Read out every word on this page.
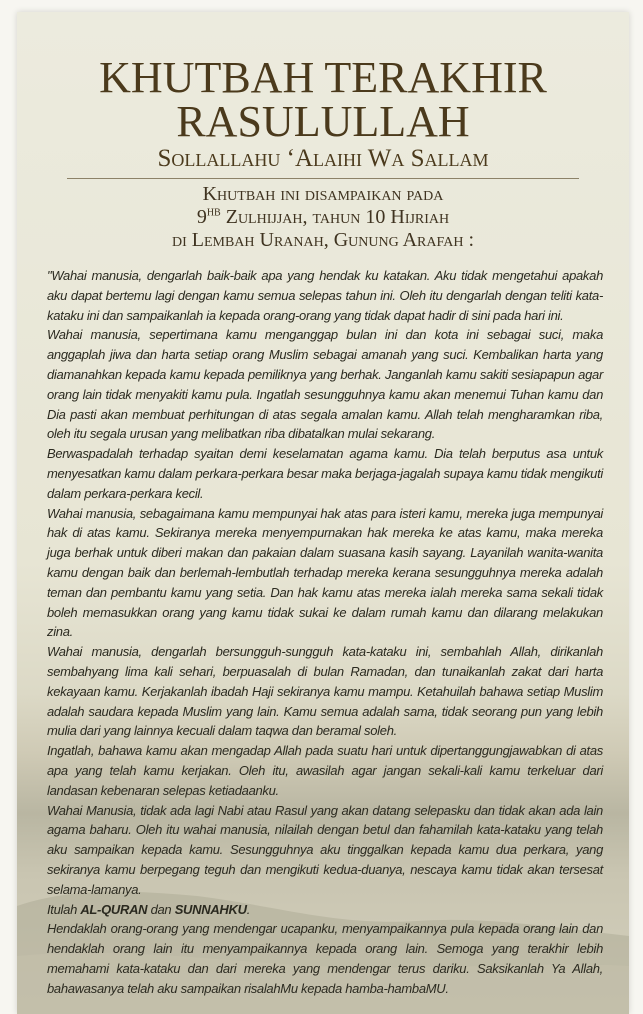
KHUTBAH TERAKHIR
RASULULLAH
Sollallahu ‘Alaihi Wa Sallam
Khutbah ini disampaikan pada
$9^{HB}$ Zulhijjah, tahun 10 Hijriah
di Lembah Uranah, Gunung Arafah :

"Wahai manusia, dengarlah baik-baik apa yang hendak ku katakan. Aku tidak mengetahui apakah aku dapat bertemu lagi dengan kamu semua selepas tahun ini. Oleh itu dengarlah dengan teliti kata-kataku ini dan sampaikanlah ia kepada orang-orang yang tidak dapat hadir di sini pada hari ini.

Wahai manusia, sepertimana kamu menganggap bulan ini dan kota ini sebagai suci, maka anggaplah jiwa dan harta setiap orang Muslim sebagai amanah yang suci. Kembalikan harta yang diamanahkan kepada kamu kepada pemiliknya yang berhak. Janganlah kamu sakiti sesiapapun agar orang lain tidak menyakiti kamu pula. Ingatlah sesungguhnya kamu akan menemui Tuhan kamu dan Dia pasti akan membuat perhitungan di atas segala amalan kamu. Allah telah mengharamkan riba, oleh itu segala urusan yang melibatkan riba dibatalkan mulai sekarang.

Berwaspadalah terhadap syaitan demi keselamatan agama kamu. Dia telah berputus asa untuk menyesatkan kamu dalam perkara-perkara besar maka berjaga-jagalah supaya kamu tidak mengikuti dalam perkara-perkara kecil.

Wahai manusia, sebagaimana kamu mempunyai hak atas para isteri kamu, mereka juga mempunyai hak di atas kamu. Sekiranya mereka menyempurnakan hak mereka ke atas kamu, maka mereka juga berhak untuk diberi makan dan pakaian dalam suasana kasih sayang. Layanilah wanita-wanita kamu dengan baik dan berlemah-lembutlah terhadap mereka kerana sesungguhnya mereka adalah teman dan pembantu kamu yang setia. Dan hak kamu atas mereka ialah mereka sama sekali tidak boleh memasukkan orang yang kamu tidak sukai ke dalam rumah kamu dan dilarang melakukan zina.

Wahai manusia, dengarlah bersungguh-sungguh kata-kataku ini, sembahlah Allah, dirikanlah sembahyang lima kali sehari, berpuasalah di bulan Ramadan, dan tunaikanlah zakat dari harta kekayaan kamu. Kerjakanlah ibadah Haji sekiranya kamu mampu. Ketahuilah bahawa setiap Muslim adalah saudara kepada Muslim yang lain. Kamu semua adalah sama, tidak seorang pun yang lebih mulia dari yang lainnya kecuali dalam taqwa dan beramal soleh.

Ingatlah, bahawa kamu akan mengadap Allah pada suatu hari untuk dipertanggungjawabkan di atas apa yang telah kamu kerjakan. Oleh itu, awasilah agar jangan sekali-kali kamu terkeluar dari landasan kebenaran selepas ketiadaanku.

Wahai Manusia, tidak ada lagi Nabi atau Rasul yang akan datang selepasku dan tidak akan ada lain agama baharu. Oleh itu wahai manusia, nilailah dengan betul dan fahamilah kata-kataku yang telah aku sampaikan kepada kamu. Sesungguhnya aku tinggalkan kepada kamu dua perkara, yang sekiranya kamu berpegang teguh dan mengikuti kedua-duanya, nescaya kamu tidak akan tersesat selama-lamanya.

Itulah AL-QURAN dan SUNNAHKU.

Hendaklah orang-orang yang mendengar ucapanku, menyampaikannya pula kepada orang lain dan hendaklah orang lain itu menyampaikannya kepada orang lain. Semoga yang terakhir lebih memahami kata-kataku dan dari mereka yang mendengar terus dariku. Saksikanlah Ya Allah, bahawasanya telah aku sampaikan risalahMu kepada hamba-hambaMU.
